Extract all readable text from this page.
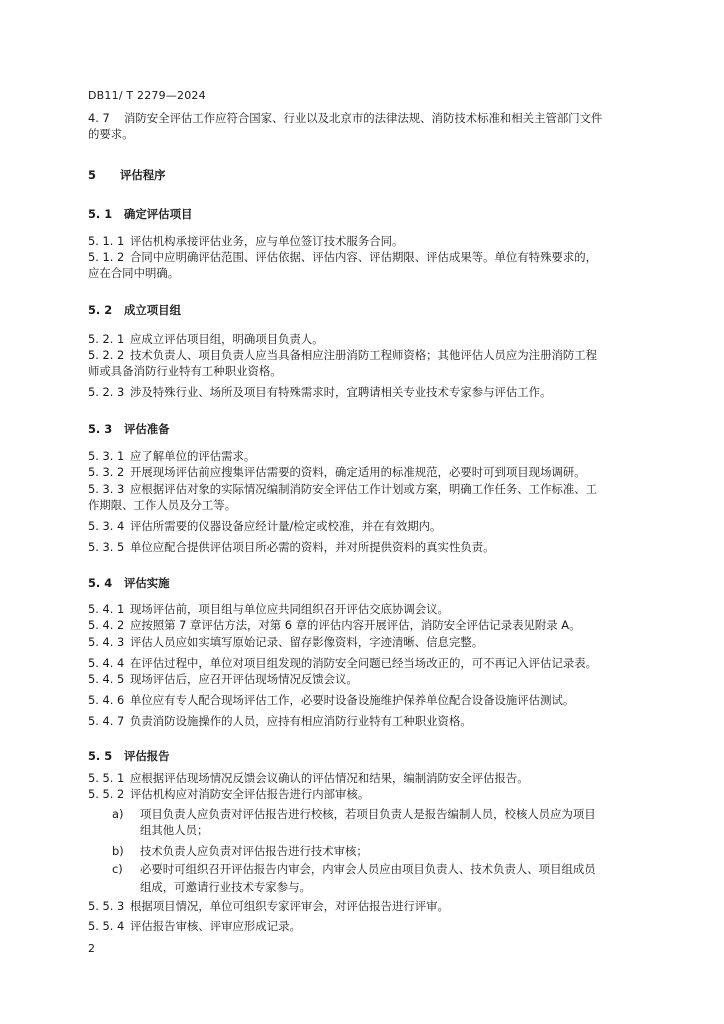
DB11/ T 2279—2024
4. 7 消防安全评估工作应符合国家、行业以及北京市的法律法规、消防技术标准和相关主管部门文件
的要求。
5 评估程序
5. 1 确定评估项目
5. 1. 1 评估机构承接评估业务，应与单位签订技术服务合同。
5. 1. 2 合同中应明确评估范围、评估依据、评估内容、评估期限、评估成果等。单位有特殊要求的，
应在合同中明确。
5. 2 成立项目组
5. 2. 1 应成立评估项目组，明确项目负责人。
5. 2. 2 技术负责人、项目负责人应当具备相应注册消防工程师资格；其他评估人员应为注册消防工程
师或具备消防行业特有工种职业资格。
5. 2. 3 涉及特殊行业、场所及项目有特殊需求时，宜聘请相关专业技术专家参与评估工作。
5. 3 评估准备
5. 3. 1 应了解单位的评估需求。
5. 3. 2 开展现场评估前应搜集评估需要的资料，确定适用的标准规范，必要时可到项目现场调研。
5. 3. 3 应根据评估对象的实际情况编制消防安全评估工作计划或方案，明确工作任务、工作标准、工
作期限、工作人员及分工等。
5. 3. 4 评估所需要的仪器设备应经计量/检定或校准，并在有效期内。
5. 3. 5 单位应配合提供评估项目所必需的资料，并对所提供资料的真实性负责。
5. 4 评估实施
5. 4. 1 现场评估前，项目组与单位应共同组织召开评估交底协调会议。
5. 4. 2 应按照第 7 章评估方法，对第 6 章的评估内容开展评估，消防安全评估记录表见附录 A。
5. 4. 3 评估人员应如实填写原始记录、留存影像资料，字迹清晰、信息完整。
5. 4. 4 在评估过程中，单位对项目组发现的消防安全问题已经当场改正的，可不再记入评估记录表。
5. 4. 5 现场评估后，应召开评估现场情况反馈会议。
5. 4. 6 单位应有专人配合现场评估工作，必要时设备设施维护保养单位配合设备设施评估测试。
5. 4. 7 负责消防设施操作的人员，应持有相应消防行业特有工种职业资格。
5. 5 评估报告
5. 5. 1 应根据评估现场情况反馈会议确认的评估情况和结果，编制消防安全评估报告。
5. 5. 2 评估机构应对消防安全评估报告进行内部审核。
a) 项目负责人应负责对评估报告进行校核，若项目负责人是报告编制人员，校核人员应为项目
组其他人员；
b) 技术负责人应负责对评估报告进行技术审核；
c) 必要时可组织召开评估报告内审会，内审会人员应由项目负责人、技术负责人、项目组成员
组成，可邀请行业技术专家参与。
5. 5. 3 根据项目情况，单位可组织专家评审会，对评估报告进行评审。
5. 5. 4 评估报告审核、评审应形成记录。
2
